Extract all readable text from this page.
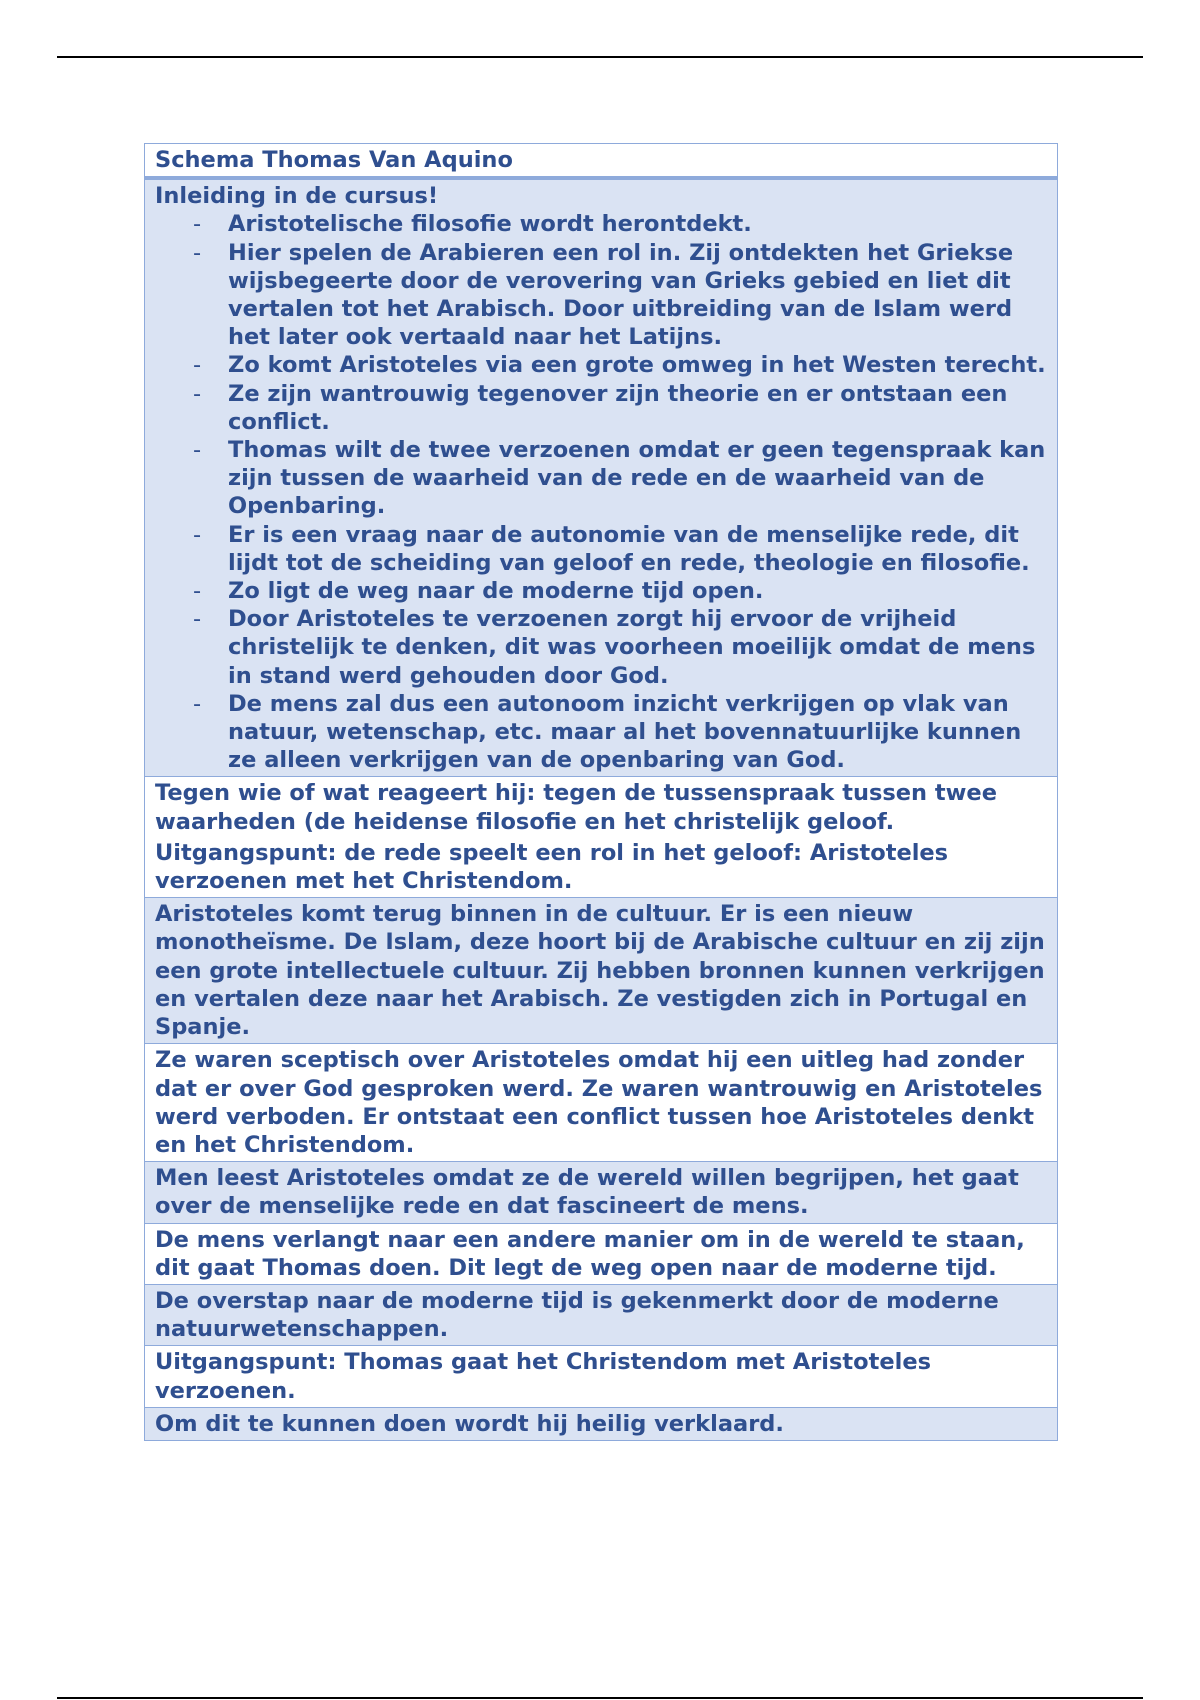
Schema Thomas Van Aquino

Inleiding in de cursus!

- Aristotelische filosofie wordt herontdekt.
- Hier spelen de Arabieren een rol in. Zij ontdekten het Griekse wijsbegeerte door de verovering van Grieks gebied en liet dit vertalen tot het Arabisch. Door uitbreiding van de Islam werd het later ook vertaald naar het Latijns.
- Zo komt Aristoteles via een grote omweg in het Westen terecht.
- Ze zijn wantrouwig tegenover zijn theorie en er ontstaan een conflict.
- Thomas wilt de twee verzoenen omdat er geen tegenspraak kan zijn tussen de waarheid van de rede en de waarheid van de Openbaring.
- Er is een vraag naar de autonomie van de menselijke rede, dit lijdt tot de scheiding van geloof en rede, theologie en filosofie.
- Zo ligt de weg naar de moderne tijd open.
- Door Aristoteles te verzoenen zorgt hij ervoor de vrijheid christelijk te denken, dit was voorheen moeilijk omdat de mens in stand werd gehouden door God.
- De mens zal dus een autonoom inzicht verkrijgen op vlak van natuur, wetenschap, etc. maar al het bovennatuurlijke kunnen ze alleen verkrijgen van de openbaring van God.

Tegen wie of wat reageert hij: tegen de tussenspraak tussen twee waarheden (de heidense filosofie en het christelijk geloof.

Uitgangspunt: de rede speelt een rol in het geloof: Aristoteles verzoenen met het Christendom.

Aristoteles komt terug binnen in de cultuur. Er is een nieuw monotheïsme. De Islam, deze hoort bij de Arabische cultuur en zij zijn een grote intellectuele cultuur. Zij hebben bronnen kunnen verkrijgen en vertalen deze naar het Arabisch. Ze vestigden zich in Portugal en Spanje.

Ze waren sceptisch over Aristoteles omdat hij een uitleg had zonder dat er over God gesproken werd. Ze waren wantrouwig en Aristoteles werd verboden. Er ontstaat een conflict tussen hoe Aristoteles denkt en het Christendom.

Men leest Aristoteles omdat ze de wereld willen begrijpen, het gaat over de menselijke rede en dat fascineert de mens.

De mens verlangt naar een andere manier om in de wereld te staan, dit gaat Thomas doen. Dit legt de weg open naar de moderne tijd.

De overstap naar de moderne tijd is gekenmerkt door de moderne natuurwetenschappen.

Uitgangspunt: Thomas gaat het Christendom met Aristoteles verzoenen.

Om dit te kunnen doen wordt hij heilig verklaard.
